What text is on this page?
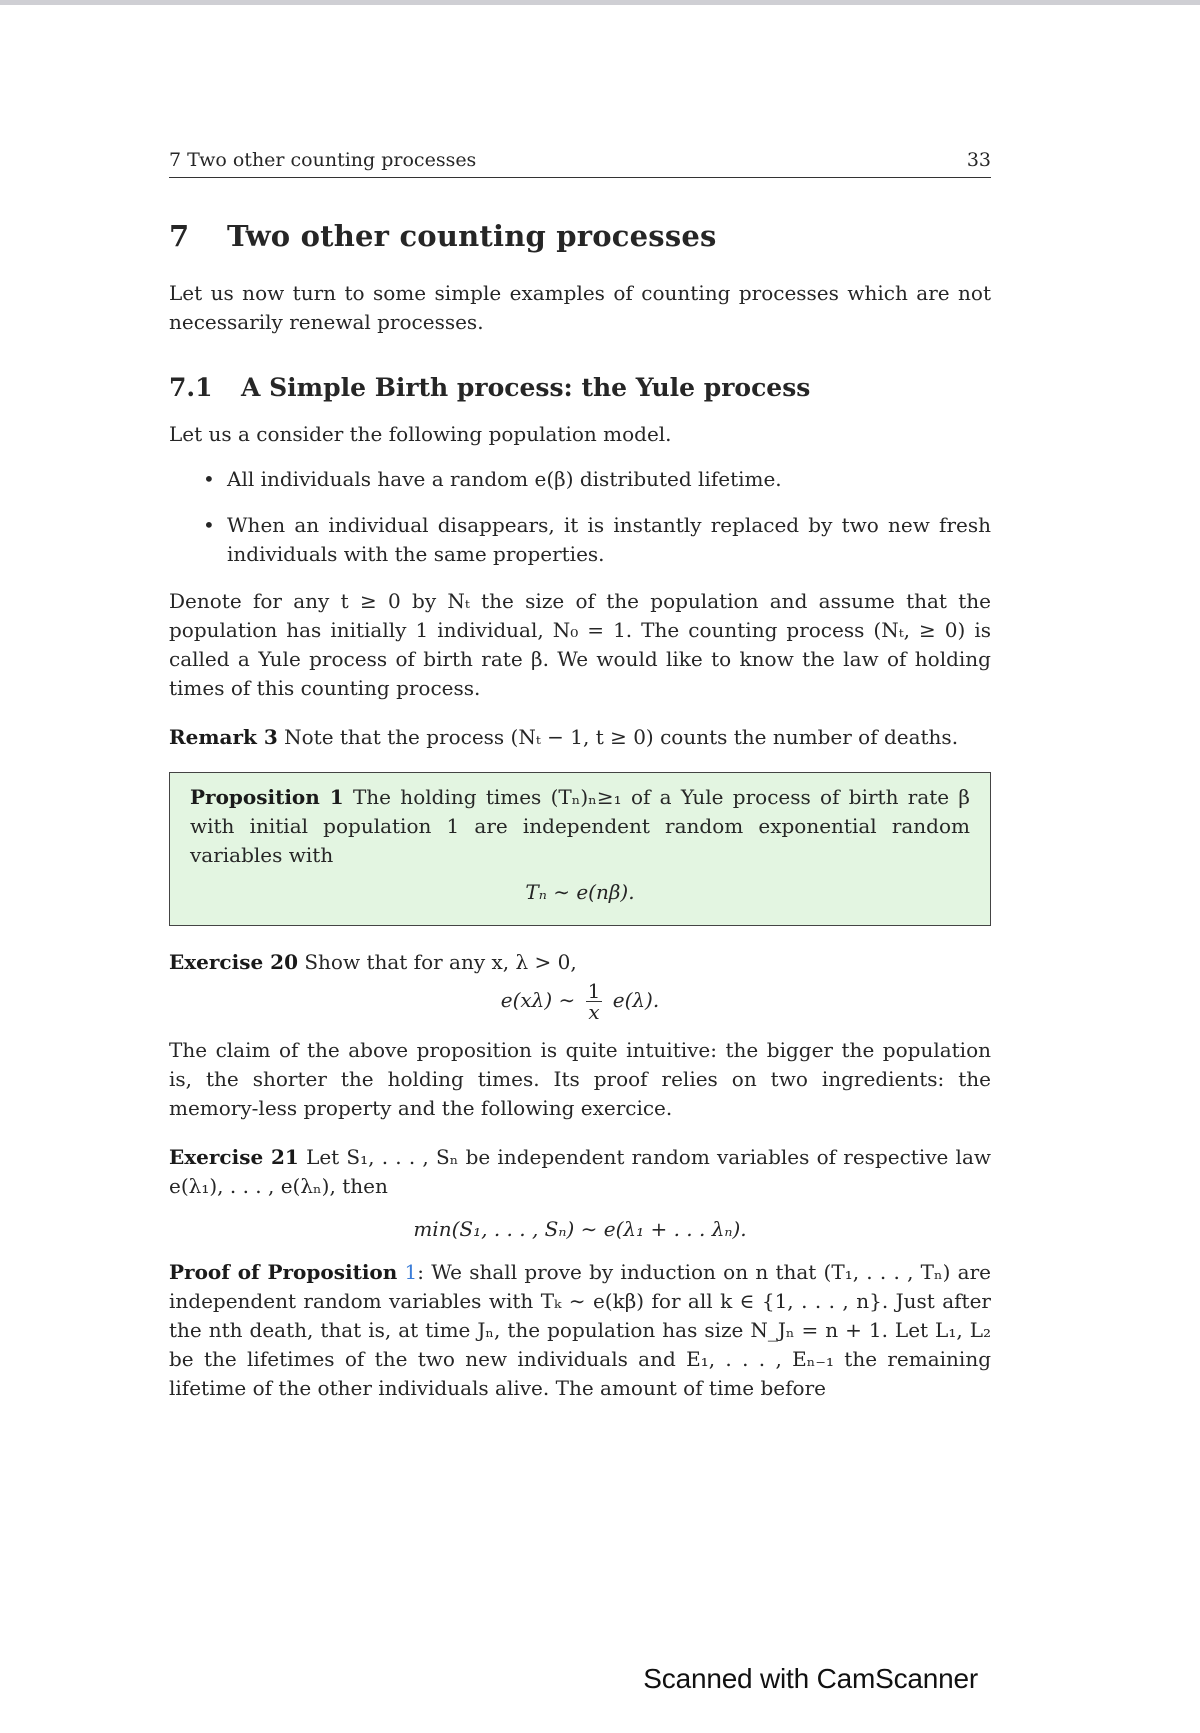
7 Two other counting processes	33
7 Two other counting processes

Let us now turn to some simple examples of counting processes which are not necessarily renewal processes.

7.1 A Simple Birth process: the Yule process

Let us a consider the following population model.

• All individuals have a random e(β) distributed lifetime.
• When an individual disappears, it is instantly replaced by two new fresh individuals with the same properties.

Denote for any t ≥ 0 by Nₜ the size of the population and assume that the population has initially 1 individual, N₀ = 1. The counting process (Nₜ, ≥ 0) is called a Yule process of birth rate β. We would like to know the law of holding times of this counting process.

Remark 3 Note that the process (Nₜ − 1, t ≥ 0) counts the number of deaths.

Proposition 1 The holding times (Tₙ)ₙ≥₁ of a Yule process of birth rate β with initial population 1 are independent random exponential random variables with

Tₙ ∼ e(nβ).

Exercise 20 Show that for any x, λ > 0,

e(xλ) ∼ $\frac{1}{x} e(\lambda)$.

The claim of the above proposition is quite intuitive: the bigger the population is, the shorter the holding times. Its proof relies on two ingredients: the memory-less property and the following exercice.

Exercise 21 Let S₁, . . . , Sₙ be independent random variables of respective law e(λ₁), . . . , e(λₙ), then

min(S₁, . . . , Sₙ) ∼ e(λ₁ + . . . λₙ).

Proof of Proposition 1: We shall prove by induction on n that (T₁, . . . , Tₙ) are independent random variables with Tₖ ∼ e(kβ) for all k ∈ {1, . . . , n}. Just after the nth death, that is, at time Jₙ, the population has size N_Jₙ = n + 1. Let L₁, L₂ be the lifetimes of the two new individuals and E₁, . . . , Eₙ₋₁ the remaining lifetime of the other individuals alive. The amount of time before

Scanned with CamScanner
